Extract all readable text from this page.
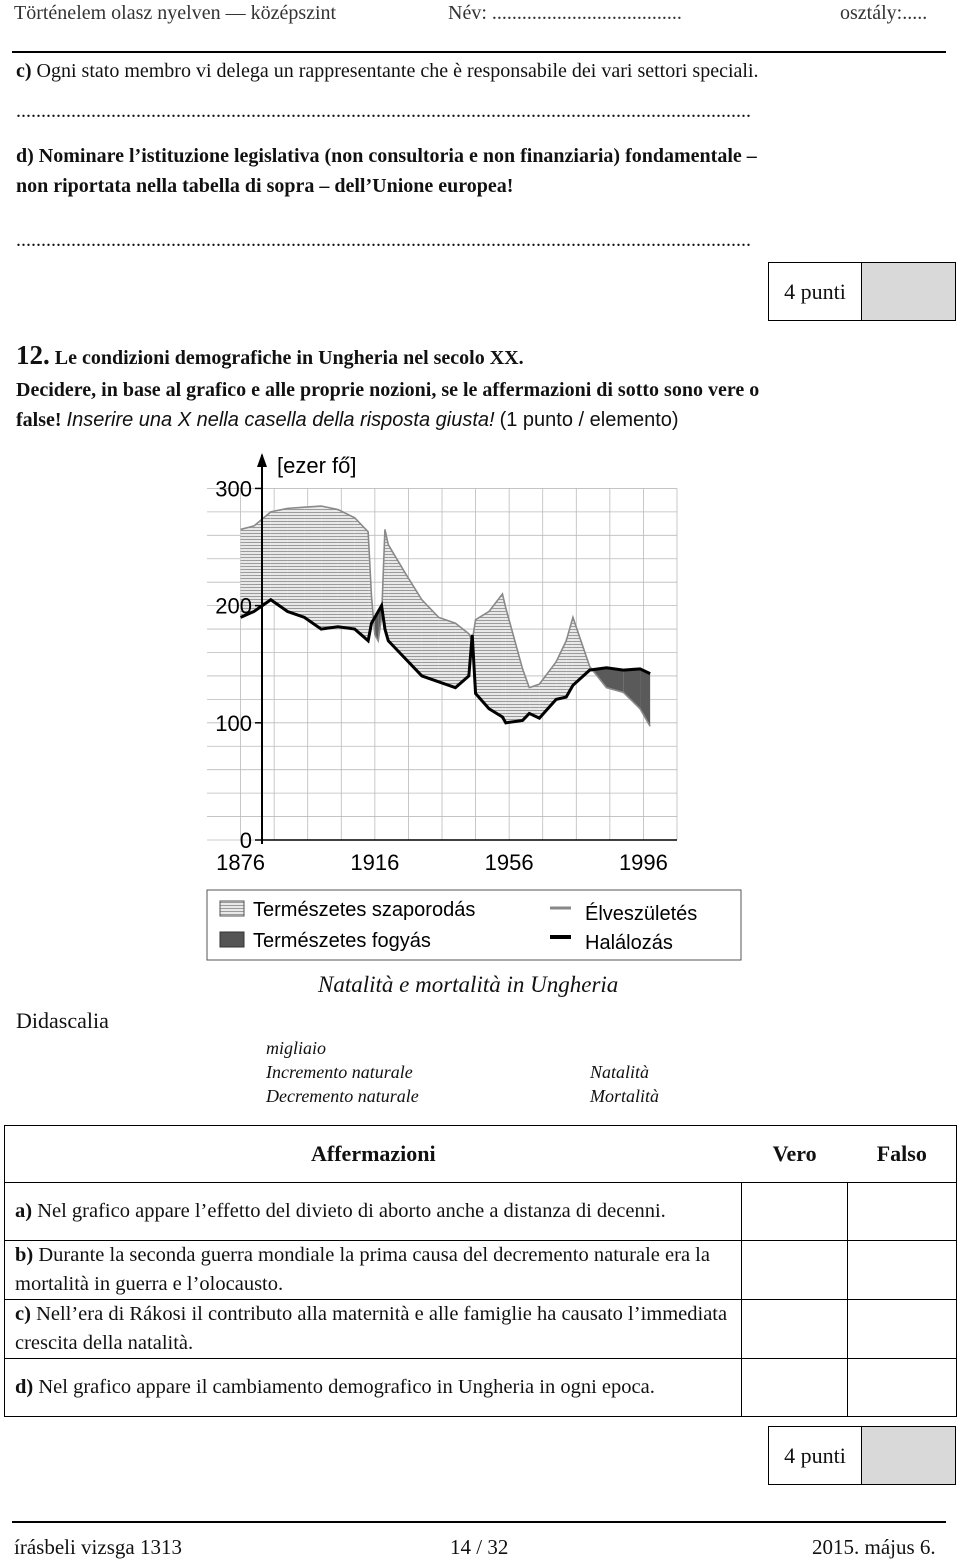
Történelem olasz nyelven — középszint	Név: ......................................	osztály:.....
c) Ogni stato membro vi delega un rappresentante che è responsabile dei vari settori speciali.
...................................................................................................................................................
d) Nominare l’istituzione legislativa (non consultoria e non finanziaria) fondamentale –
non riportata nella tabella di sopra – dell’Unione europea!
...................................................................................................................................................
4 punti
12. Le condizioni demografiche in Ungheria nel secolo XX.
Decidere, in base al grafico e alle proprie nozioni, se le affermazioni di sotto sono vere o
false! Inserire una X nella casella della risposta giusta! (1 punto / elemento)
[ezer fő]
300
200
100
0
1876	1916	1956	1996
Természetes szaporodás
Természetes fogyás
Élveszületés
Halálozás
Didascalia
Natalità e mortalità in Ungheria
migliaio
Incremento naturale
Decremento naturale
Natalità
Mortalità
Affermazioni	Vero	Falso
a) Nel grafico appare l’effetto del divieto di aborto anche a distanza di decenni.		
b) Durante la seconda guerra mondiale la prima causa del decremento naturale era la mortalità in guerra e l’olocausto.		
c) Nell’era di Rákosi il contributo alla maternità e alle famiglie ha causato l’immediata crescita della natalità.		
d) Nel grafico appare il cambiamento demografico in Ungheria in ogni epoca.		
4 punti
írásbeli vizsga 1313	14 / 32	2015. május 6.
